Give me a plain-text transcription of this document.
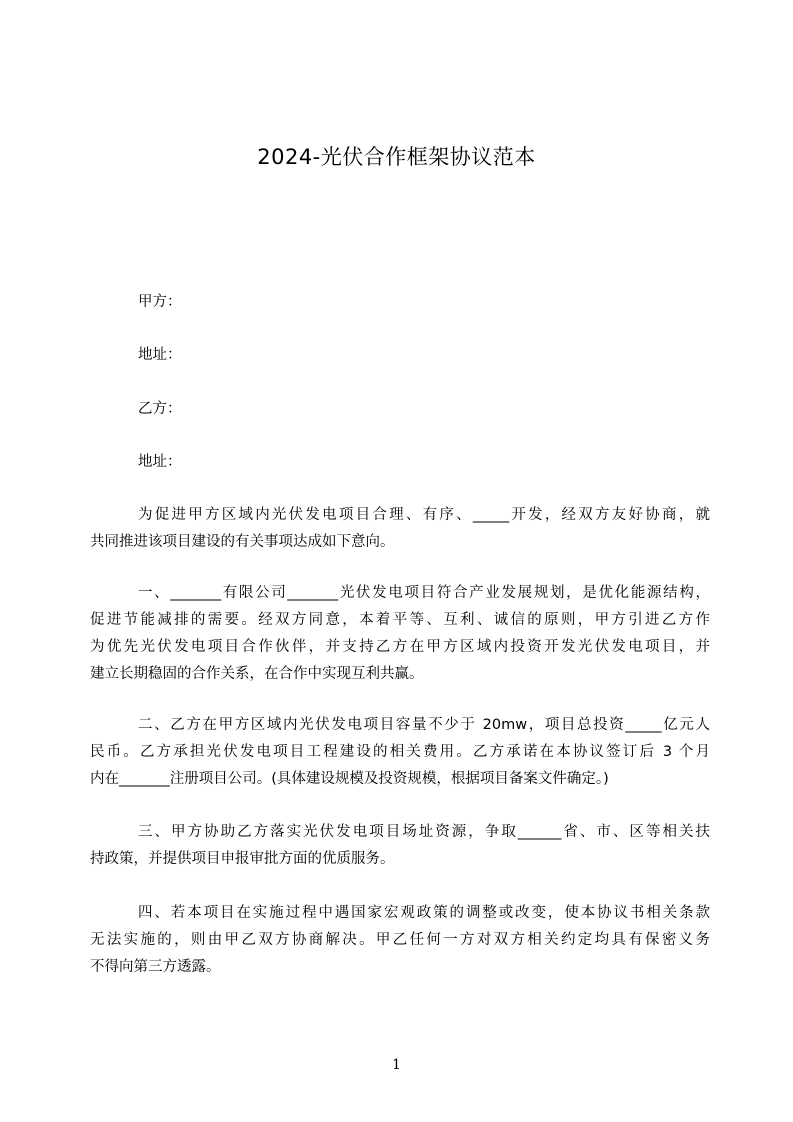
2024-光伏合作框架协议范本
甲方：
地址：
乙方：
地址：
为促进甲方区域内光伏发电项目合理、有序、_____开发，经双方友好协商，就
共同推进该项目建设的有关事项达成如下意向。
一、_______有限公司_______光伏发电项目符合产业发展规划，是优化能源结构，
促进节能减排的需要。经双方同意，本着平等、互利、诚信的原则，甲方引进乙方作
为优先光伏发电项目合作伙伴，并支持乙方在甲方区域内投资开发光伏发电项目，并
建立长期稳固的合作关系，在合作中实现互利共赢。
二、乙方在甲方区域内光伏发电项目容量不少于 20mw，项目总投资_____亿元人
民币。乙方承担光伏发电项目工程建设的相关费用。乙方承诺在本协议签订后 3 个月
内在_______注册项目公司。(具体建设规模及投资规模，根据项目备案文件确定。)
三、甲方协助乙方落实光伏发电项目场址资源，争取______省、市、区等相关扶
持政策，并提供项目申报审批方面的优质服务。
四、若本项目在实施过程中遇国家宏观政策的调整或改变，使本协议书相关条款
无法实施的，则由甲乙双方协商解决。甲乙任何一方对双方相关约定均具有保密义务
不得向第三方透露。
1
